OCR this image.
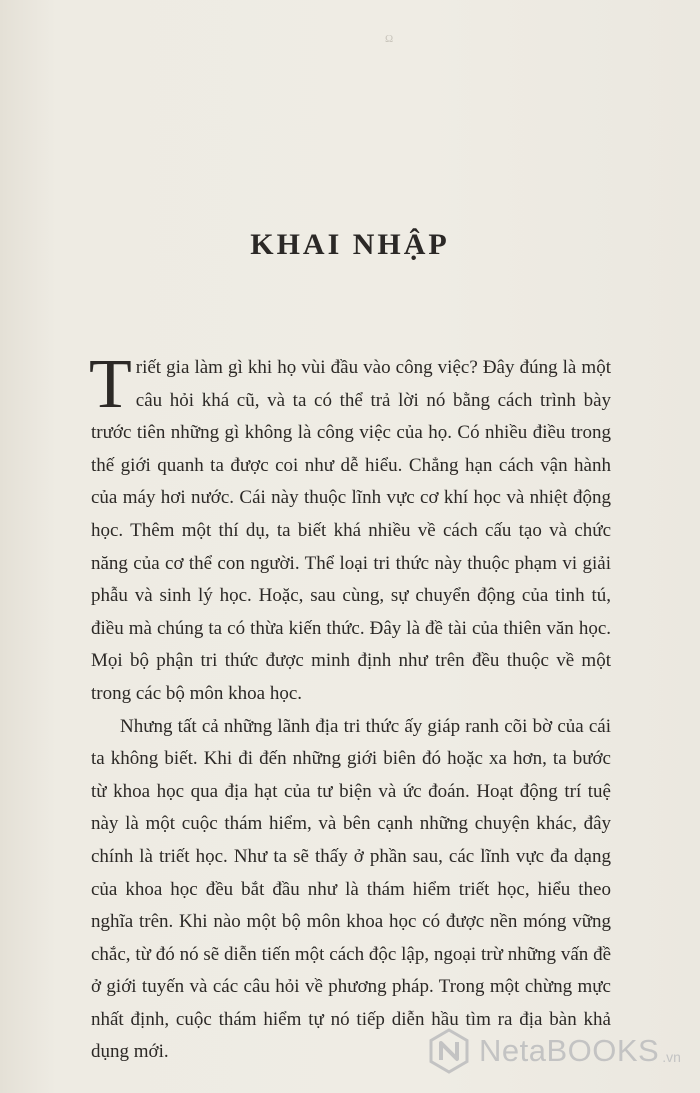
Ω
KHAI NHẬP

Triết gia làm gì khi họ vùi đầu vào công việc? Đây đúng là một câu hỏi khá cũ, và ta có thể trả lời nó bằng cách trình bày trước tiên những gì không là công việc của họ. Có nhiều điều trong thế giới quanh ta được coi như dễ hiểu. Chẳng hạn cách vận hành của máy hơi nước. Cái này thuộc lĩnh vực cơ khí học và nhiệt động học. Thêm một thí dụ, ta biết khá nhiều về cách cấu tạo và chức năng của cơ thể con người. Thể loại tri thức này thuộc phạm vi giải phẫu và sinh lý học. Hoặc, sau cùng, sự chuyển động của tinh tú, điều mà chúng ta có thừa kiến thức. Đây là đề tài của thiên văn học. Mọi bộ phận tri thức được minh định như trên đều thuộc về một trong các bộ môn khoa học.

Nhưng tất cả những lãnh địa tri thức ấy giáp ranh cõi bờ của cái ta không biết. Khi đi đến những giới biên đó hoặc xa hơn, ta bước từ khoa học qua địa hạt của tư biện và ức đoán. Hoạt động trí tuệ này là một cuộc thám hiểm, và bên cạnh những chuyện khác, đây chính là triết học. Như ta sẽ thấy ở phần sau, các lĩnh vực đa dạng của khoa học đều bắt đầu như là thám hiểm triết học, hiểu theo nghĩa trên. Khi nào một bộ môn khoa học có được nền móng vững chắc, từ đó nó sẽ diễn tiến một cách độc lập, ngoại trừ những vấn đề ở giới tuyến và các câu hỏi về phương pháp. Trong một chừng mực nhất định, cuộc thám hiểm tự nó tiếp diễn hầu tìm ra địa bàn khả dụng mới.	NetaBOOKS .vn
